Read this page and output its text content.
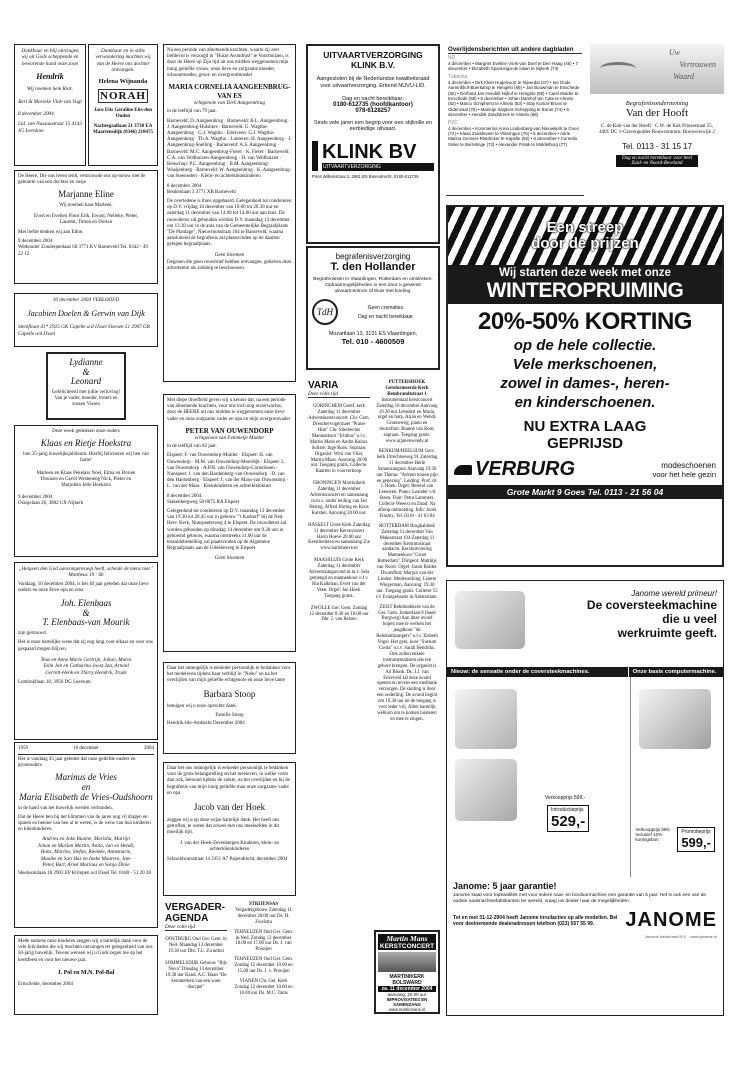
Dankbaar en blij ontvingen wij uit Gods scheppende en bewarende hand onze zoon

Hendrik

Wij noemen hem Rick.

Bert & Marieke Vlok-van Vugt

8 december 2004

Ltd. van Nassaustraat 15 4143 JG Leerdam

Dankbaar en in stille verwondering mochten wij van de Heere ons dochter ontvangen.

Helena Wijnanda

NORAH

Jaco Eits Geraline Eits-den Ouden

Nachtegaallaan 21 3738 EA Maartensdijk (0346) 218475

De Heere, Die ons leven leidt, vertrouwde ons op-nieuw met de geboorte van een dochter en zusje

Marjanne Eline

Wij noemen haar Marleen.

Evert en Evelien Floor Erik, Ewout, Nelleke, Pieter, Laurent, Timon en Dorien

Met liefde denken wij aan Eline.

9 december 2004

Wethouder Zonderpenlaan 60 3771 KV Barneveld Tel. 0342 - 49 22 12

10 december 2004 VERLOOFD

Jacobien Doelen & Gerwin van Dijk

Steniflaan 41* 2925 GK Capelle a/d IJssel Sleesen 51 2907 GR Capelle a/d IJssel

Lydianne

&

Leonard

Gefeliciteerd met jullie verloving! Van je vader, moeder, broers en zussen Vissen

Deze week gedenken onze ouders

Klaas en Rietje Hoekstra

hun 35-jarig huwelijksjubileum. Hierbij feliciteren wij hen van harte!

Marleen en Klaas Pekelaar Noel, Elma en Dorien Douizen en Gerrit Westeneng Nick, Pieter en Marjolein Jelle Hoekstra

9 december 2004

Oranjelaan 26, 3802 CX Nijkerk

„Hetgeen den God aanvangenvoegt heeft, scheide de mens niet." Mattheus 19 : 6b

Vandaag, 10 december 2004, is het 40 jaar geleden dat onze lieve ouders en onze Eeve opa en oma

Joh. Elenbaas

&

T. Elenbaas-van Mourik

zijn getrouwd.

Het is onze hartelijke wens dat zij nog lang voor elkaar en voor ons gespaard mogen blijven.

Teus en Anne Marie Gertrijn, Johan, Marta Tolm Jan en Catharina Joost Jan, Arnold Gerrett-Henk en Thirry Hendrik, Trude

Lombokllaan 18, 3956 DG Leersum

1959	10 december	2004

Het is vandaag 45 jaar geleden dat onze geliefde ouders en grootouders

Marinus de Vries

en

Maria Elisabeth de Vries-Oudshoorn

in de hand van het huwelijk werden verbonden.

Dat de Heere hen bij het klimmen van de jaren nog vil dragen en sparen en betone van hen al te weten, is de wens van hun kinderen en kleinkinderen.

Andries en Joke Bianne, Marisha, Martijn Johan en Marian Martin, Anita, Jan en Hendi, Hans, Marlies, Stefan, Rieneke, Annemarie, Maaike en Sari Bas en Ineke Maarten, Jan-Peter, Bart, Ariek Marinus en Sonja Dinie

Sleelusmilaan 18 2903 EP Krimpen a/d IJssel Tel. 0180 - 51 20 28

Mede namens onze kinderen zeggen wij u hartelijk dank voor de vele felicitaties die wij mochten ontvangen ter gelegenheid van ons 50-jarig huwelijk. Tevens wensen wij u Gods zegen toe op het kerstfeest en voor het nieuwe jaar.

J. Pol en M.N. Pol-Bal

Ermchelde, december 2004

Na een periode van afnemende krachten, waarin zij zeer liefdevol is verzorgd in "Huize Avondrust" te Voorthuizen, is door de Heere op Zijn tijd uit ons midden weggenomen mijn innig geliefde vrouw, onze lieve en zorgzame moeder, schoonmoeder, groot- en overgrootmoeder

MARIA CORNELIA AANGEENBRUG-VAN ES

echtgenote van Dirk Aangeenbrug

in de leeftijd van 79 jaar.

Barneveld: D. Aangeenbrug · Barneveld: B.L. Aangeenbrug · J. Aangeenbrug-Hulsbers · Barneveld: G. Wagtho-Aangeenbrug · G.J. Wagtho · Ederveen: G.J. Wagtho-Aangeenbrug · Th.A. Wagtho · Lunteren: H. Aangeenbrug · J. Aangeenbrug-Snelling · Barneveld: A.S. Aangeenbrug · Barneveld: M.C. Aangeenbrug-Fieret · K. Fieret · Barneveld: C.A. van Veldhuizen-Aangeenbrug · H. van Veldhuizen · Benschop: P.C. Aangeenbrug · B.M. Aangeenbrug-Waaijenberg · Barneveld: W. Aangeenbrug · K. Aangeenbrug-van Steenselen · Klein- en achterkleinkinderen

8 december 2004

Beukenlaan 3 3771 XB Barneveld

De overledene is thuis opgebaard. Gelegenheid tot condoleren op D.V. vrijdag 10 december van 19.00 tot 20.30 uur en zaterdag 11 december van 14.00 tot 14.00 uur aan huis. De rouwdienst zal gehouden worden D.V. maandag 13 december om 13.30 uur in de aula van de Gemeentelijke Begraafplaats "De Plantage", Nieuwmonstraat 164 te Barneveld, waarna aansluitend de begrafenis zal plaatsvinden op de daartoe gelegen begraafplaats.

Geen bloemen

Degenen die geen rouwbrief hebben ontvangen, gelieven deze advertentie als zodanig te beschouwen.

Met diepe droefheid geven wij u kennis dat, na een periode van afnemende krachten, voor ons toch nog onverwachts, door de HEERE uit ons midden is weggenomen onze lieve vader en onze zorgzame vader en opa en mijn overgrootvader

PETER VAN OUWENDORP

echtgenoot van Femmetje Mulder

in de leeftijd van 82 jaar.

Elspeet: F. van Ouwendorp-Mulder · Elspeet: H. van Ouwendorp · M.M. van Ouwendorp-Moerdijk · Elspeet: L. van Ouwendorp · A.P.H. van Ouwendorp-Cornelissen · Nunspeet: J. van den Hardenberg-van Ouwendorp · D. van den Hardenberg · Elspeet: J. van der Mass-van Ouwendorp · L. van der Maas · Kleinkinderen en achterkleinkind

8 december 2004

Stakenbergweg 58 8075 RA Elspeet

Gelegenheid tot condoleren op D.V. maandag 13 december van 19.30 tot 20.45 uur in gebouw "'t Karkerf" bij de Ned. Herv. Kerk, Nunspeeterweg 4 te Elspeet. De rouwdienst zal worden gehouden op dinsdag 14 december om 9.30 uur in genoemd gebouw, waarna omstreeks 11.00 uur de teraardebestelling zal plaatsvinden op de Algemene Begraafplaats aan de Uddelerweg te Elspeet.

Geen bloemen

Daar het onmogelijk is eenieder persoonlijk te bedanken voor het medeleven tijdens haar verblijf in "Nebo" en na het overlijden van mijn geliefde echtgenote en onze lieve tante

Barbara Stoop

betuigen wij u onze oprechte dank.

Familie Stoop

Hendrik-Ido-Ambacht December 2004

Daar het ons onmogelijk is eenieder persoonlijk te bedanken voor de grote belangstelling en het meeleven, in welke vorm dan ook, betoond tijdens de ziekte, na het overlijden en bij de begrafenis van mijn innig geliefde man onze zorgzame vader en opa

Jacob van der Hoek

zeggen wij u op deze wijze hartelijk dank. Het heeft ons getroffen, te weten dat zoveel met ons meeleefden in dit moeilijk tijd.

J. van der Hoek-Zevenbergen Kinderen, klein- en achterkleinkinderen

Schooldwarsstraat 14 3351 A7 Papendrecht, december 2004

VERGADER-AGENDA

Deze volle tijd

OOSTBURG Oud Ger. Gem. in Ned. Maandag 13 december 19.30 uur Dhr. T.L. Zwartbol

SOMMELSDIJK Gebouw "Rijs Nova" Dinsdag 14 december 19.30 uur Kand. A.C. Baan "De kemmerken van een ware discipel"

STRIJENSAS

Vergadergebouw Zaterdag 11 december 20.00 uur Ds. H. Zweistra

TERNEUZEN Oud Ger. Gem. in Ned. Zondag 12 december 18.00 en 17.00 uur Ds. J. van Prooijen

TERNEUZEN Oud Ger. Gem. Zondag 12 december 10.00 en 15.00 uur Ds. J. v. Prooijen

VIANEN Chr. Ger. Kerk Zondag 12 december 10.00 en 16.00 uur Ds. M.C. Tanis

UITVAARTVERZORGING KLINK B.V.

Aangesloten bij de Nederlandse kwaliteitsraad voor uitvaartverzorging. Erkend NUVU-LID.

Dag en nacht bereikbaar:

0180-612735 (hoofdkantoor)

078-6128257

Sinds vele jaren een begrip voor een stijlvolle en eerbiedige uitvaart.

KLINK BV

UITVAARTVERZORGING

Prins Willemstraat 2, 2951 BS Barendrecht, 0180-612735

begrafenisverzorging

T. den Hollander

Begrafenissen in Vlaardingen, Rotterdam en omstreken. Opbaarmogelijkheden in een door u gewenst uitvaartcentrum of thuis met koeling.

TdH	Geen crematies.

Dag en nacht bereikbaar.

Mozartlaan 13, 3131 ES Vlaardingen,

Tel. 010 - 4600509

VARIA

Deze volle tijd

GORINCHEM Geref. kerk Zaterdag 11 december Adventskerstconcert. Chr. Gem. Dreschervogermaer "Praise Him" Chr. Sliedrechts Mannenkoor "Ichthus" o.l.v. Martin Mans en Andre Kaiser. Soliste: Inge Roos. Sopraan. Organist: Wim van Vliet, Martin Mans. Aanvang 20.00 uur. Toegang gratis. Collecte. Kaarten in voorverkoop.

GRONINGEN Martinikerk Zaterdag 11 december Adventsconcert en samenzang m.m.v. onder leiding van Jan Hertog, Alfred Hartog en Koos Karsten. Aanvang 20.00 uur.

HASSELT Grote Kerk Zaterdag 11 december Kerstconcert Harm Hoeve 20.00 uur Kerstliederen en samenzang Zie www.harmhoeve.nl

MAASSLUIS Grote Kerk Zaterdag 11 december Adventszangavond m.m.v. Sela gemengd en mannenkoor o.l.v. Ria Kalkman, Evert van der Veen. Orgel: Jan Hoek. Toegang gratis.

ZWOLLE Ger. Gem. Zondag 12 december 8.30 en 18.00 uur Dhr. J. van Belzen

PUTTERSHOEK Gereformeerde Kerk Rembrandtstraat 1

Instrumentaal kerstconcert Zaterdag 18 december Aanvang 19.30 uur Leendert en Maria, orgel en harp. Arjan en Wendy Groeneweg, piano en dwarsfluit. Bianne van Rom, sopraan. Toegang gratis. www.arjanenwendy.nl

RENKUM/HEELSUM Gerc. kerk Utrechtseweg 91 Zaterdag 11 december Herle Samenzanguur Aanvang 19.30 uur Thema: "Advent tussen pijn en genezing". Leiding: Prof. dr. J. Hoek. Orgel: Berend van Leeuwen. Piano: Leander v/d Steen. Fluit: Petra Lammers. Collecte Weeext en Daad. Na afloop ontmoeting. Info: Joost Frasmy, Tel. 0318 - 41 63 84

ROTTERDAM Brugkabinek Zaterdag 11 december Van Maleastraat 194 Zaterdag 11 december Kerstmusicaal aandacht. Kerstuitvoering Mannenkoor "Groot Rotterdam". Dirigent: Matthijs van Noort. Orgel: Jason Bolder. Dwarsfluit: Marjon van der Linden. Medewerking: Lisette Wiegerman. Aanvang: 19.30 uur. Toegang gratis. Collecte 15 t/v Evangelisatie in Amsterdam.

ZEIST Rehobothkerk van de Ger. Gem. Jonkerlaan 8 (hoek Burgweg) Aan deze avond hopen mee te werken het jeugdkoor "de Rehobothzangers" o.l.v. Elsbeth Vogel. Het gem. koor "Sursum Corda" o.l.v. Sarah Hendriks. Ook zullen enkele instrumentalisten iets ten gehore brengen. De organist is Ad Blonk. Ds. J.J. van Eckeveld zal deze avond openen en tevens een meditatie verzorgen. De sluiting is door een ouderling. De avond begint om 19.30 uur en de toegang is voor ieder vrij. Allen hartelijk welkom om te komen luisteren en mee te zingen.

Martin Mans

KERSTCONCERT

MARTINIKERK BOLSWARD

za. 11 december 2004

aanvang: 20.00 uur

IMPROVISATIES EN SAMENZANG

www.martinmans.nl

Overlijdensberichten uit andere dagbladen

ND

4 december • Margriet Eveline Vonk-van Doel te Den Haag (45) • 7 december • Elizabeth Spanninga-de Haan te Nijkerk (74)

Tubantia

4 december • Dirk Klein Hugelvoort te Nijverdal (37) • Ine Oude Aarninkhof-Boerkamp te Hengelo (69) • Jan Bouwman te Enschede (82) • Gerhard Jan Hendrik Nijhof te Hengelo (89) • Carel Mulder te Enschede (58) • 5 december • Johan Damhof ten Cate te Almelo (82) • Marco Schipherst te Almelo (53) • Stay Kumar-Bruns te Oldenzaal (75) • Marietje Snijders-Schepping te Borne (74) • 6 december • Hendrik Zandstreek te Almelo (68)

PZC

4 december • Kommerina Anna Lindenberg-van Nieuwkerk te Goes (72) • Klaas Zuiddeveer te Vlissingen (76) • 6 december • Adrie Marina Gemser-Rietdrcker te Kapelle (92) • 6 december • Cornelia Sinke te Biezelinge (72) • Alexander Polak te Middelburg (77)

Uw

Vertrouwen

Waard

Begrafenisonderneming

Van der Hooft

C. de Kok-van der Hooft · C.W. de Kok Prinsestraat 55, 4401 DC 's-Gravenpolder Rouwcentrum: Brouwerswijk 2

Tel. 0113 - 31 15 17

Dag en nacht bereikbaar voor heel Zuid- en Noord-Beveland

Een streep

door de prijzen

Wij starten deze week met onze

WINTEROPRUIMING

20%-50% KORTING

op de hele collectie.

Vele merkschoenen,

zowel in dames-, heren-

en kinderschoenen.

NU EXTRA LAAG GEPRIJSD

VERBURG	modeschoenen

voor het hele gezin

Grote Markt 9 Goes Tel. 0113 - 21 56 04

Janome wereld primeur!

De coversteekmachine

die u veel

werkruimte geeft.

Nieuw: de sensatie onder de coversteekmachines.	Onze basis computermachine.

Verkoopprijs 599,-

Introductieprijs

529,-	Verkoopprijs 699,- Inclusief 10% kortingsbon

Promotieprijs

599,-

Janome: 5 jaar garantie!

Janome staat voor topkwaliteit met voor iedere naai- en borduurmachine een garantie van 5 jaar. Het is ook een van de oudste naaimachinefabrikanten ter wereld, vraag uw dealer naar de mogelijkheden.

Tot en met 31-12-2004 heeft Janome inruilacties op alle modellen. Bel voor deelnemende dealeradressen telefoon (023) 557 55 99.	JANOME

Janome Nederland B.V. · www.janome.nl
